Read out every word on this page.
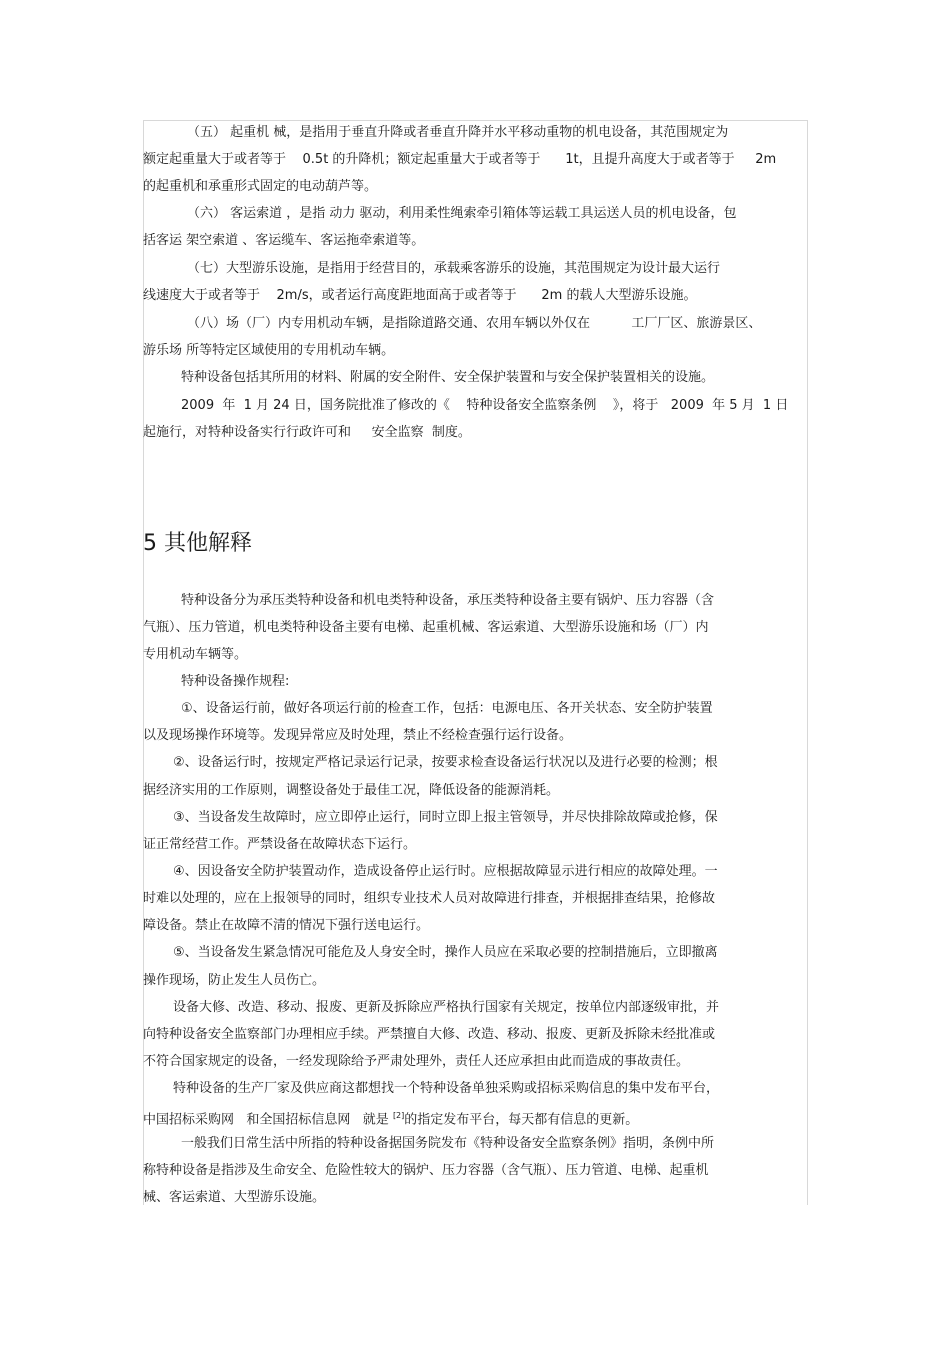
（五） 起重机 械，是指用于垂直升降或者垂直升降并水平移动重物的机电设备，其范围规定为

额定起重量大于或者等于    0.5t 的升降机；额定起重量大于或者等于      1t，且提升高度大于或者等于     2m

的起重机和承重形式固定的电动葫芦等。

（六） 客运索道 ，是指 动力 驱动，利用柔性绳索牵引箱体等运载工具运送人员的机电设备，包

括客运 架空索道 、客运缆车、客运拖牵索道等。

（七）大型游乐设施，是指用于经营目的，承载乘客游乐的设施，其范围规定为设计最大运行

线速度大于或者等于    2m/s，或者运行高度距地面高于或者等于      2m 的载人大型游乐设施。

（八）场（厂）内专用机动车辆，是指除道路交通、农用车辆以外仅在          工厂厂区、旅游景区、

游乐场 所等特定区域使用的专用机动车辆。

特种设备包括其所用的材料、附属的安全附件、安全保护装置和与安全保护装置相关的设施。

2009  年  1 月 24 日，国务院批准了修改的《    特种设备安全监察条例    》，将于   2009  年 5 月  1 日

起施行，对特种设备实行行政许可和     安全监察  制度。

5 其他解释

特种设备分为承压类特种设备和机电类特种设备，承压类特种设备主要有锅炉、压力容器（含

气瓶）、压力管道，机电类特种设备主要有电梯、起重机械、客运索道、大型游乐设施和场（厂）内

专用机动车辆等。

特种设备操作规程:

①、设备运行前，做好各项运行前的检查工作，包括：电源电压、各开关状态、安全防护装置

以及现场操作环境等。发现异常应及时处理，禁止不经检查强行运行设备。

②、设备运行时，按规定严格记录运行记录，按要求检查设备运行状况以及进行必要的检测；根

据经济实用的工作原则，调整设备处于最佳工况，降低设备的能源消耗。

③、当设备发生故障时，应立即停止运行，同时立即上报主管领导，并尽快排除故障或抢修，保

证正常经营工作。严禁设备在故障状态下运行。

④、因设备安全防护装置动作，造成设备停止运行时。应根据故障显示进行相应的故障处理。一

时难以处理的，应在上报领导的同时，组织专业技术人员对故障进行排查，并根据排查结果，抢修故

障设备。禁止在故障不清的情况下强行送电运行。

⑤、当设备发生紧急情况可能危及人身安全时，操作人员应在采取必要的控制措施后，立即撤离

操作现场，防止发生人员伤亡。

设备大修、改造、移动、报废、更新及拆除应严格执行国家有关规定，按单位内部逐级审批，并

向特种设备安全监察部门办理相应手续。严禁擅自大修、改造、移动、报废、更新及拆除未经批准或

不符合国家规定的设备，一经发现除给予严肃处理外，责任人还应承担由此而造成的事故责任。

特种设备的生产厂家及供应商这都想找一个特种设备单独采购或招标采购信息的集中发布平台，

中国招标采购网   和全国招标信息网   就是 [2]的指定发布平台，每天都有信息的更新。

一般我们日常生活中所指的特种设备据国务院发布《特种设备安全监察条例》指明，条例中所

称特种设备是指涉及生命安全、危险性较大的锅炉、压力容器（含气瓶）、压力管道、电梯、起重机

械、客运索道、大型游乐设施。
